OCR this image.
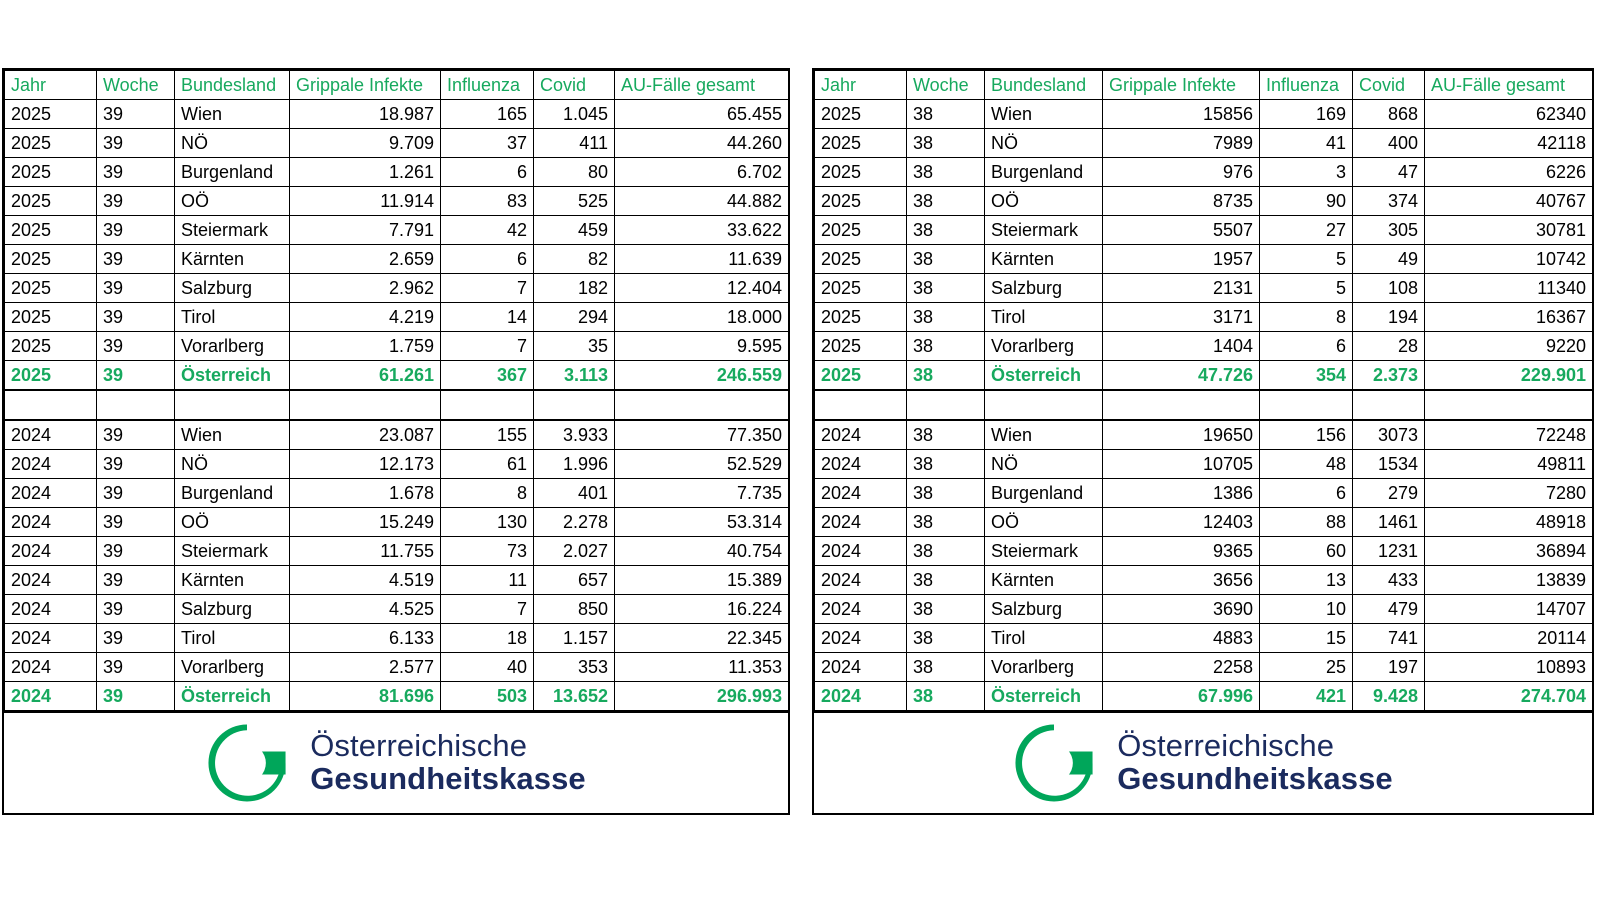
Jahr	Woche	Bundesland	Grippale Infekte	Influenza	Covid	AU-Fälle gesamt
2025	39	Wien	18.987	165	1.045	65.455
2025	39	NÖ	9.709	37	411	44.260
2025	39	Burgenland	1.261	6	80	6.702
2025	39	OÖ	11.914	83	525	44.882
2025	39	Steiermark	7.791	42	459	33.622
2025	39	Kärnten	2.659	6	82	11.639
2025	39	Salzburg	2.962	7	182	12.404
2025	39	Tirol	4.219	14	294	18.000
2025	39	Vorarlberg	1.759	7	35	9.595
2025	39	Österreich	61.261	367	3.113	246.559

2024	39	Wien	23.087	155	3.933	77.350
2024	39	NÖ	12.173	61	1.996	52.529
2024	39	Burgenland	1.678	8	401	7.735
2024	39	OÖ	15.249	130	2.278	53.314
2024	39	Steiermark	11.755	73	2.027	40.754
2024	39	Kärnten	4.519	11	657	15.389
2024	39	Salzburg	4.525	7	850	16.224
2024	39	Tirol	6.133	18	1.157	22.345
2024	39	Vorarlberg	2.577	40	353	11.353
2024	39	Österreich	81.696	503	13.652	296.993
Österreichische
Gesundheitskasse
Jahr	Woche	Bundesland	Grippale Infekte	Influenza	Covid	AU-Fälle gesamt
2025	38	Wien	15856	169	868	62340
2025	38	NÖ	7989	41	400	42118
2025	38	Burgenland	976	3	47	6226
2025	38	OÖ	8735	90	374	40767
2025	38	Steiermark	5507	27	305	30781
2025	38	Kärnten	1957	5	49	10742
2025	38	Salzburg	2131	5	108	11340
2025	38	Tirol	3171	8	194	16367
2025	38	Vorarlberg	1404	6	28	9220
2025	38	Österreich	47.726	354	2.373	229.901

2024	38	Wien	19650	156	3073	72248
2024	38	NÖ	10705	48	1534	49811
2024	38	Burgenland	1386	6	279	7280
2024	38	OÖ	12403	88	1461	48918
2024	38	Steiermark	9365	60	1231	36894
2024	38	Kärnten	3656	13	433	13839
2024	38	Salzburg	3690	10	479	14707
2024	38	Tirol	4883	15	741	20114
2024	38	Vorarlberg	2258	25	197	10893
2024	38	Österreich	67.996	421	9.428	274.704
Österreichische
Gesundheitskasse
